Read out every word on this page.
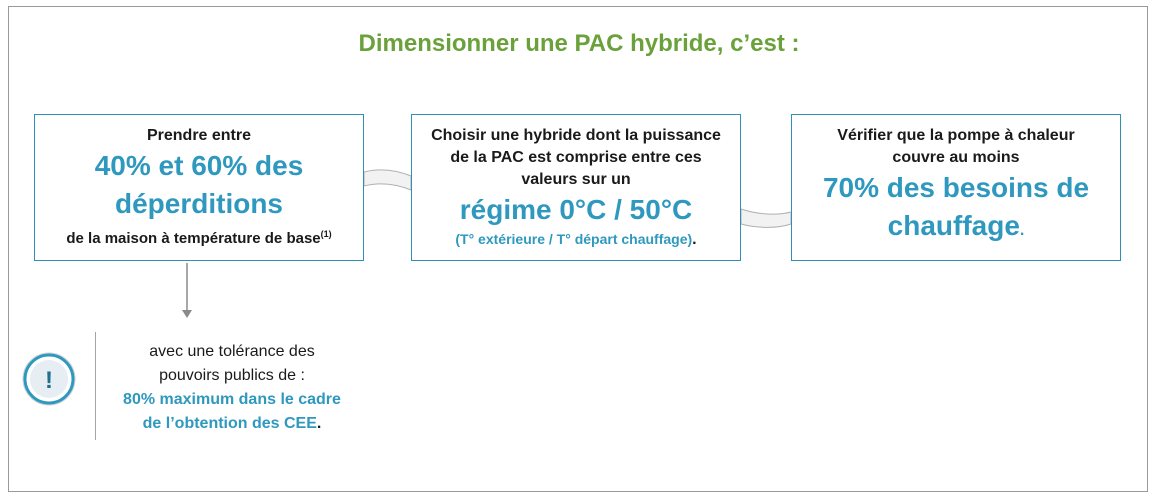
Dimensionner une PAC hybride, c’est :
Prendre entre
40% et 60% des
déperditions
de la maison à température de base$^{(1)}$
Choisir une hybride dont la puissance
de la PAC est comprise entre ces
valeurs sur un
régime 0°C / 50°C
(T° extérieure / T° départ chauffage).
Vérifier que la pompe à chaleur
couvre au moins
70% des besoins de
chauffage.
!
avec une tolérance des
pouvoirs publics de :
80% maximum dans le cadre
de l’obtention des CEE.
